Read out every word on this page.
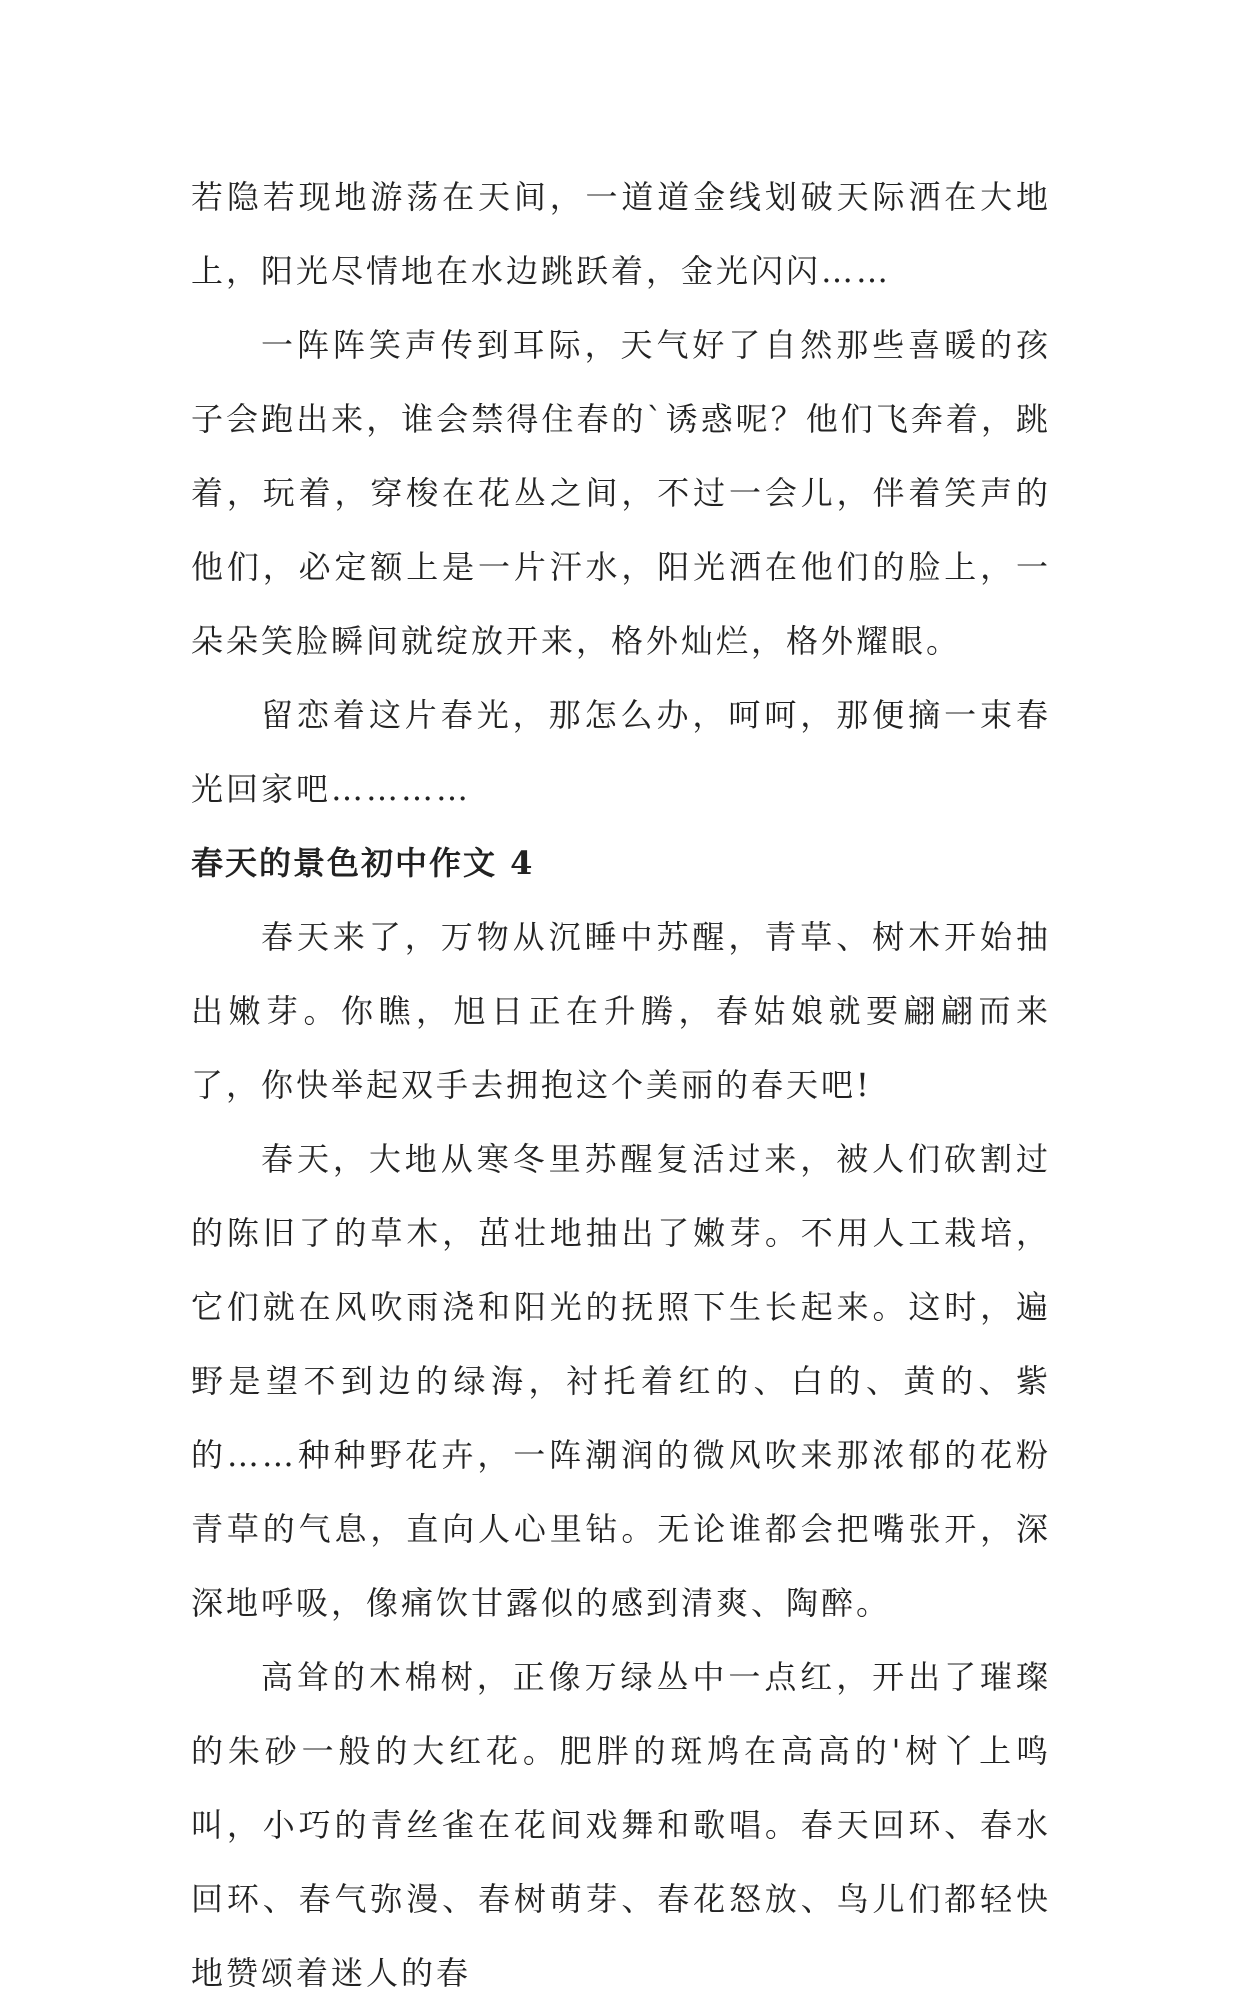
若隐若现地游荡在天间，一道道金线划破天际洒在大地上，阳光尽情地在水边跳跃着，金光闪闪……

一阵阵笑声传到耳际，天气好了自然那些喜暖的孩子会跑出来，谁会禁得住春的`诱惑呢？他们飞奔着，跳着，玩着，穿梭在花丛之间，不过一会儿，伴着笑声的他们，必定额上是一片汗水，阳光洒在他们的脸上，一朵朵笑脸瞬间就绽放开来，格外灿烂，格外耀眼。

留恋着这片春光，那怎么办，呵呵，那便摘一束春光回家吧…………

春天的景色初中作文 4

春天来了，万物从沉睡中苏醒，青草、树木开始抽出嫩芽。你瞧，旭日正在升腾，春姑娘就要翩翩而来了，你快举起双手去拥抱这个美丽的春天吧!

春天，大地从寒冬里苏醒复活过来，被人们砍割过的陈旧了的草木，茁壮地抽出了嫩芽。不用人工栽培，它们就在风吹雨浇和阳光的抚照下生长起来。这时，遍野是望不到边的绿海，衬托着红的、白的、黄的、紫的……种种野花卉，一阵潮润的微风吹来那浓郁的花粉青草的气息，直向人心里钻。无论谁都会把嘴张开，深深地呼吸，像痛饮甘露似的感到清爽、陶醉。

高耸的木棉树，正像万绿丛中一点红，开出了璀璨的朱砂一般的大红花。肥胖的斑鸠在高高的'树丫上鸣叫，小巧的青丝雀在花间戏舞和歌唱。春天回环、春水回环、春气弥漫、春树萌芽、春花怒放、鸟儿们都轻快地赞颂着迷人的春
